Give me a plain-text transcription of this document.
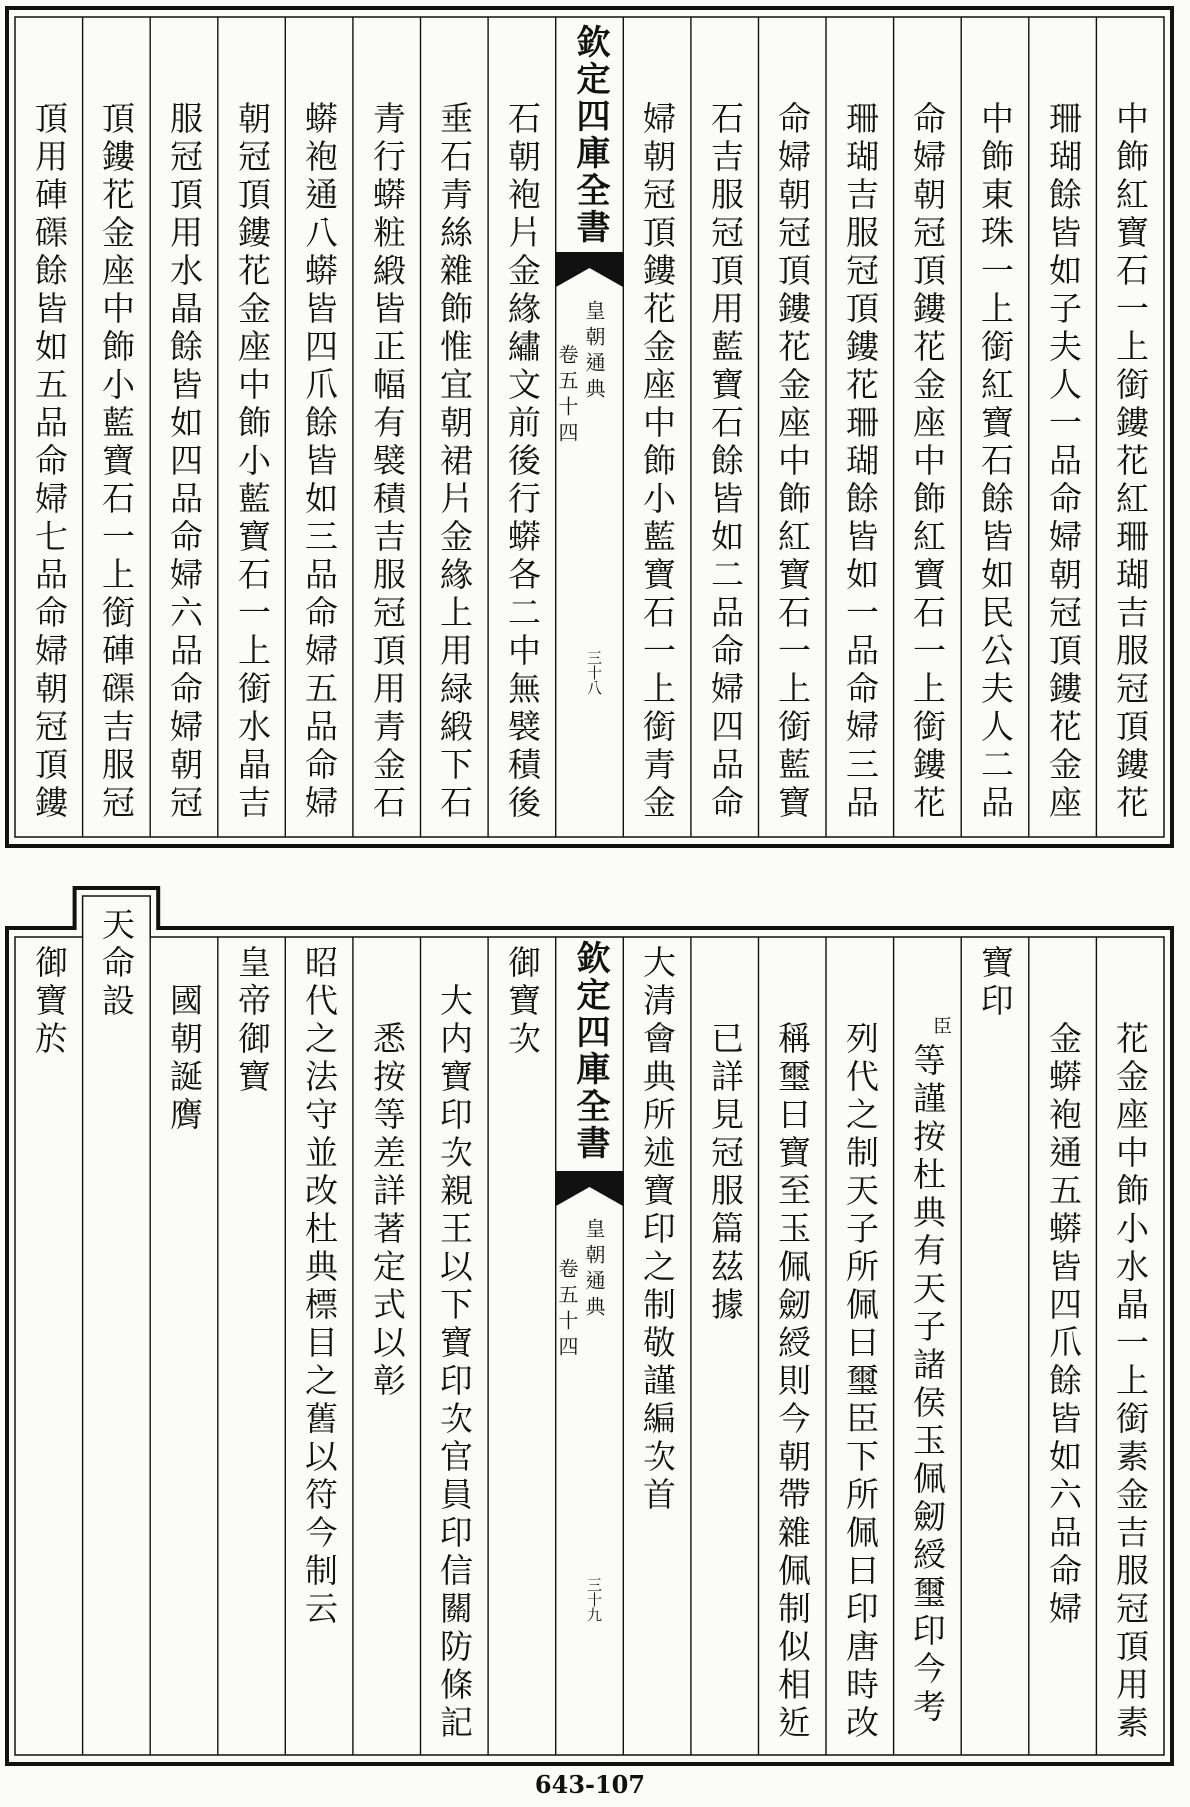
中飾紅寶石一上銜鏤花紅珊瑚吉服冠頂鏤花
珊瑚餘皆如子夫人一品命婦朝冠頂鏤花金座
中飾東珠一上銜紅寶石餘皆如民公夫人二品
命婦朝冠頂鏤花金座中飾紅寶石一上銜鏤花
珊瑚吉服冠頂鏤花珊瑚餘皆如一品命婦三品
命婦朝冠頂鏤花金座中飾紅寶石一上銜藍寶
石吉服冠頂用藍寶石餘皆如二品命婦四品命
婦朝冠頂鏤花金座中飾小藍寶石一上銜青金
欽定四庫全書
皇朝通典
卷五十四
三十八
石朝袍片金緣繡文前後行蟒各二中無襞積後
垂石青絲雜飾惟宜朝裙片金緣上用緑緞下石
青行蟒粧緞皆正幅有襞積吉服冠頂用青金石
蟒袍通八蟒皆四爪餘皆如三品命婦五品命婦
朝冠頂鏤花金座中飾小藍寶石一上銜水晶吉
服冠頂用水晶餘皆如四品命婦六品命婦朝冠
頂鏤花金座中飾小藍寶石一上銜硨磲吉服冠
頂用硨磲餘皆如五品命婦七品命婦朝冠頂鏤
花金座中飾小水晶一上銜素金吉服冠頂用素
金蟒袍通五蟒皆四爪餘皆如六品命婦
寶印
臣
等謹按杜典有天子諸侯玉佩劒綬璽印今考
列代之制天子所佩曰璽臣下所佩曰印唐時改
稱璽曰寶至玉佩劒綬則今朝帶雜佩制似相近
已詳見冠服篇茲據
大清會典所述寶印之制敬謹編次首
欽定四庫全書
皇朝通典
卷五十四
三十九
御寶次
大内寶印次親王以下寶印次官員印信關防條記
悉按等差詳著定式以彰
昭代之法守並改杜典標目之舊以符今制云
皇帝御寶
國朝誕膺
天命設
御寶於
643-107
